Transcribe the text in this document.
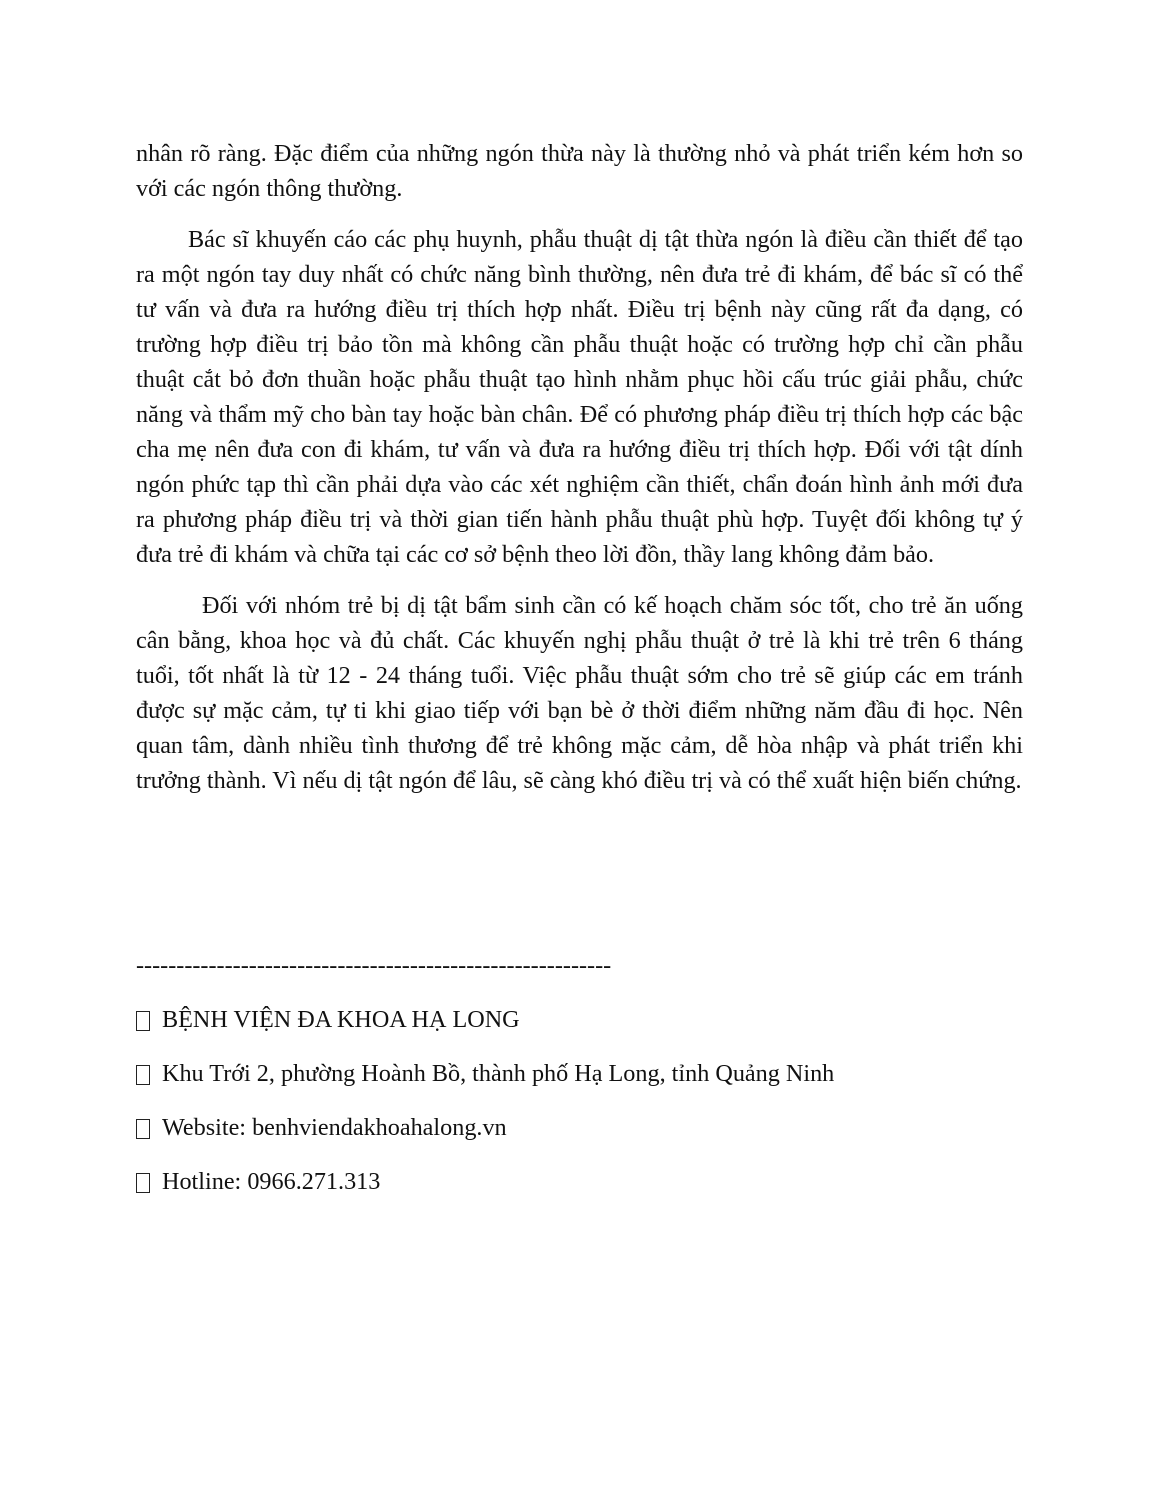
nhân rõ ràng. Đặc điểm của những ngón thừa này là thường nhỏ và phát triển kém hơn so với các ngón thông thường.

Bác sĩ khuyến cáo các phụ huynh, phẫu thuật dị tật thừa ngón là điều cần thiết để tạo ra một ngón tay duy nhất có chức năng bình thường, nên đưa trẻ đi khám, để bác sĩ có thể tư vấn và đưa ra hướng điều trị thích hợp nhất. Điều trị bệnh này cũng rất đa dạng, có trường hợp điều trị bảo tồn mà không cần phẫu thuật hoặc có trường hợp chỉ cần phẫu thuật cắt bỏ đơn thuần hoặc phẫu thuật tạo hình nhằm phục hồi cấu trúc giải phẫu, chức năng và thẩm mỹ cho bàn tay hoặc bàn chân. Để có phương pháp điều trị thích hợp các bậc cha mẹ nên đưa con đi khám, tư vấn và đưa ra hướng điều trị thích hợp. Đối với tật dính ngón phức tạp thì cần phải dựa vào các xét nghiệm cần thiết, chẩn đoán hình ảnh mới đưa ra phương pháp điều trị và thời gian tiến hành phẫu thuật phù hợp. Tuyệt đối không tự ý đưa trẻ đi khám và chữa tại các cơ sở bệnh theo lời đồn, thầy lang không đảm bảo.

Đối với nhóm trẻ bị dị tật bẩm sinh cần có kế hoạch chăm sóc tốt, cho trẻ ăn uống cân bằng, khoa học và đủ chất. Các khuyến nghị phẫu thuật ở trẻ là khi trẻ trên 6 tháng tuổi, tốt nhất là từ 12 - 24 tháng tuổi. Việc phẫu thuật sớm cho trẻ sẽ giúp các em tránh được sự mặc cảm, tự ti khi giao tiếp với bạn bè ở thời điểm những năm đầu đi học. Nên quan tâm, dành nhiều tình thương để trẻ không mặc cảm, dễ hòa nhập và phát triển khi trưởng thành. Vì nếu dị tật ngón để lâu, sẽ càng khó điều trị và có thể xuất hiện biến chứng.

-----------------------------------------------------------
BỆNH VIỆN ĐA KHOA HẠ LONG
Khu Trới 2, phường Hoành Bồ, thành phố Hạ Long, tỉnh Quảng Ninh
Website: benhviendakhoahalong.vn
Hotline: 0966.271.313
